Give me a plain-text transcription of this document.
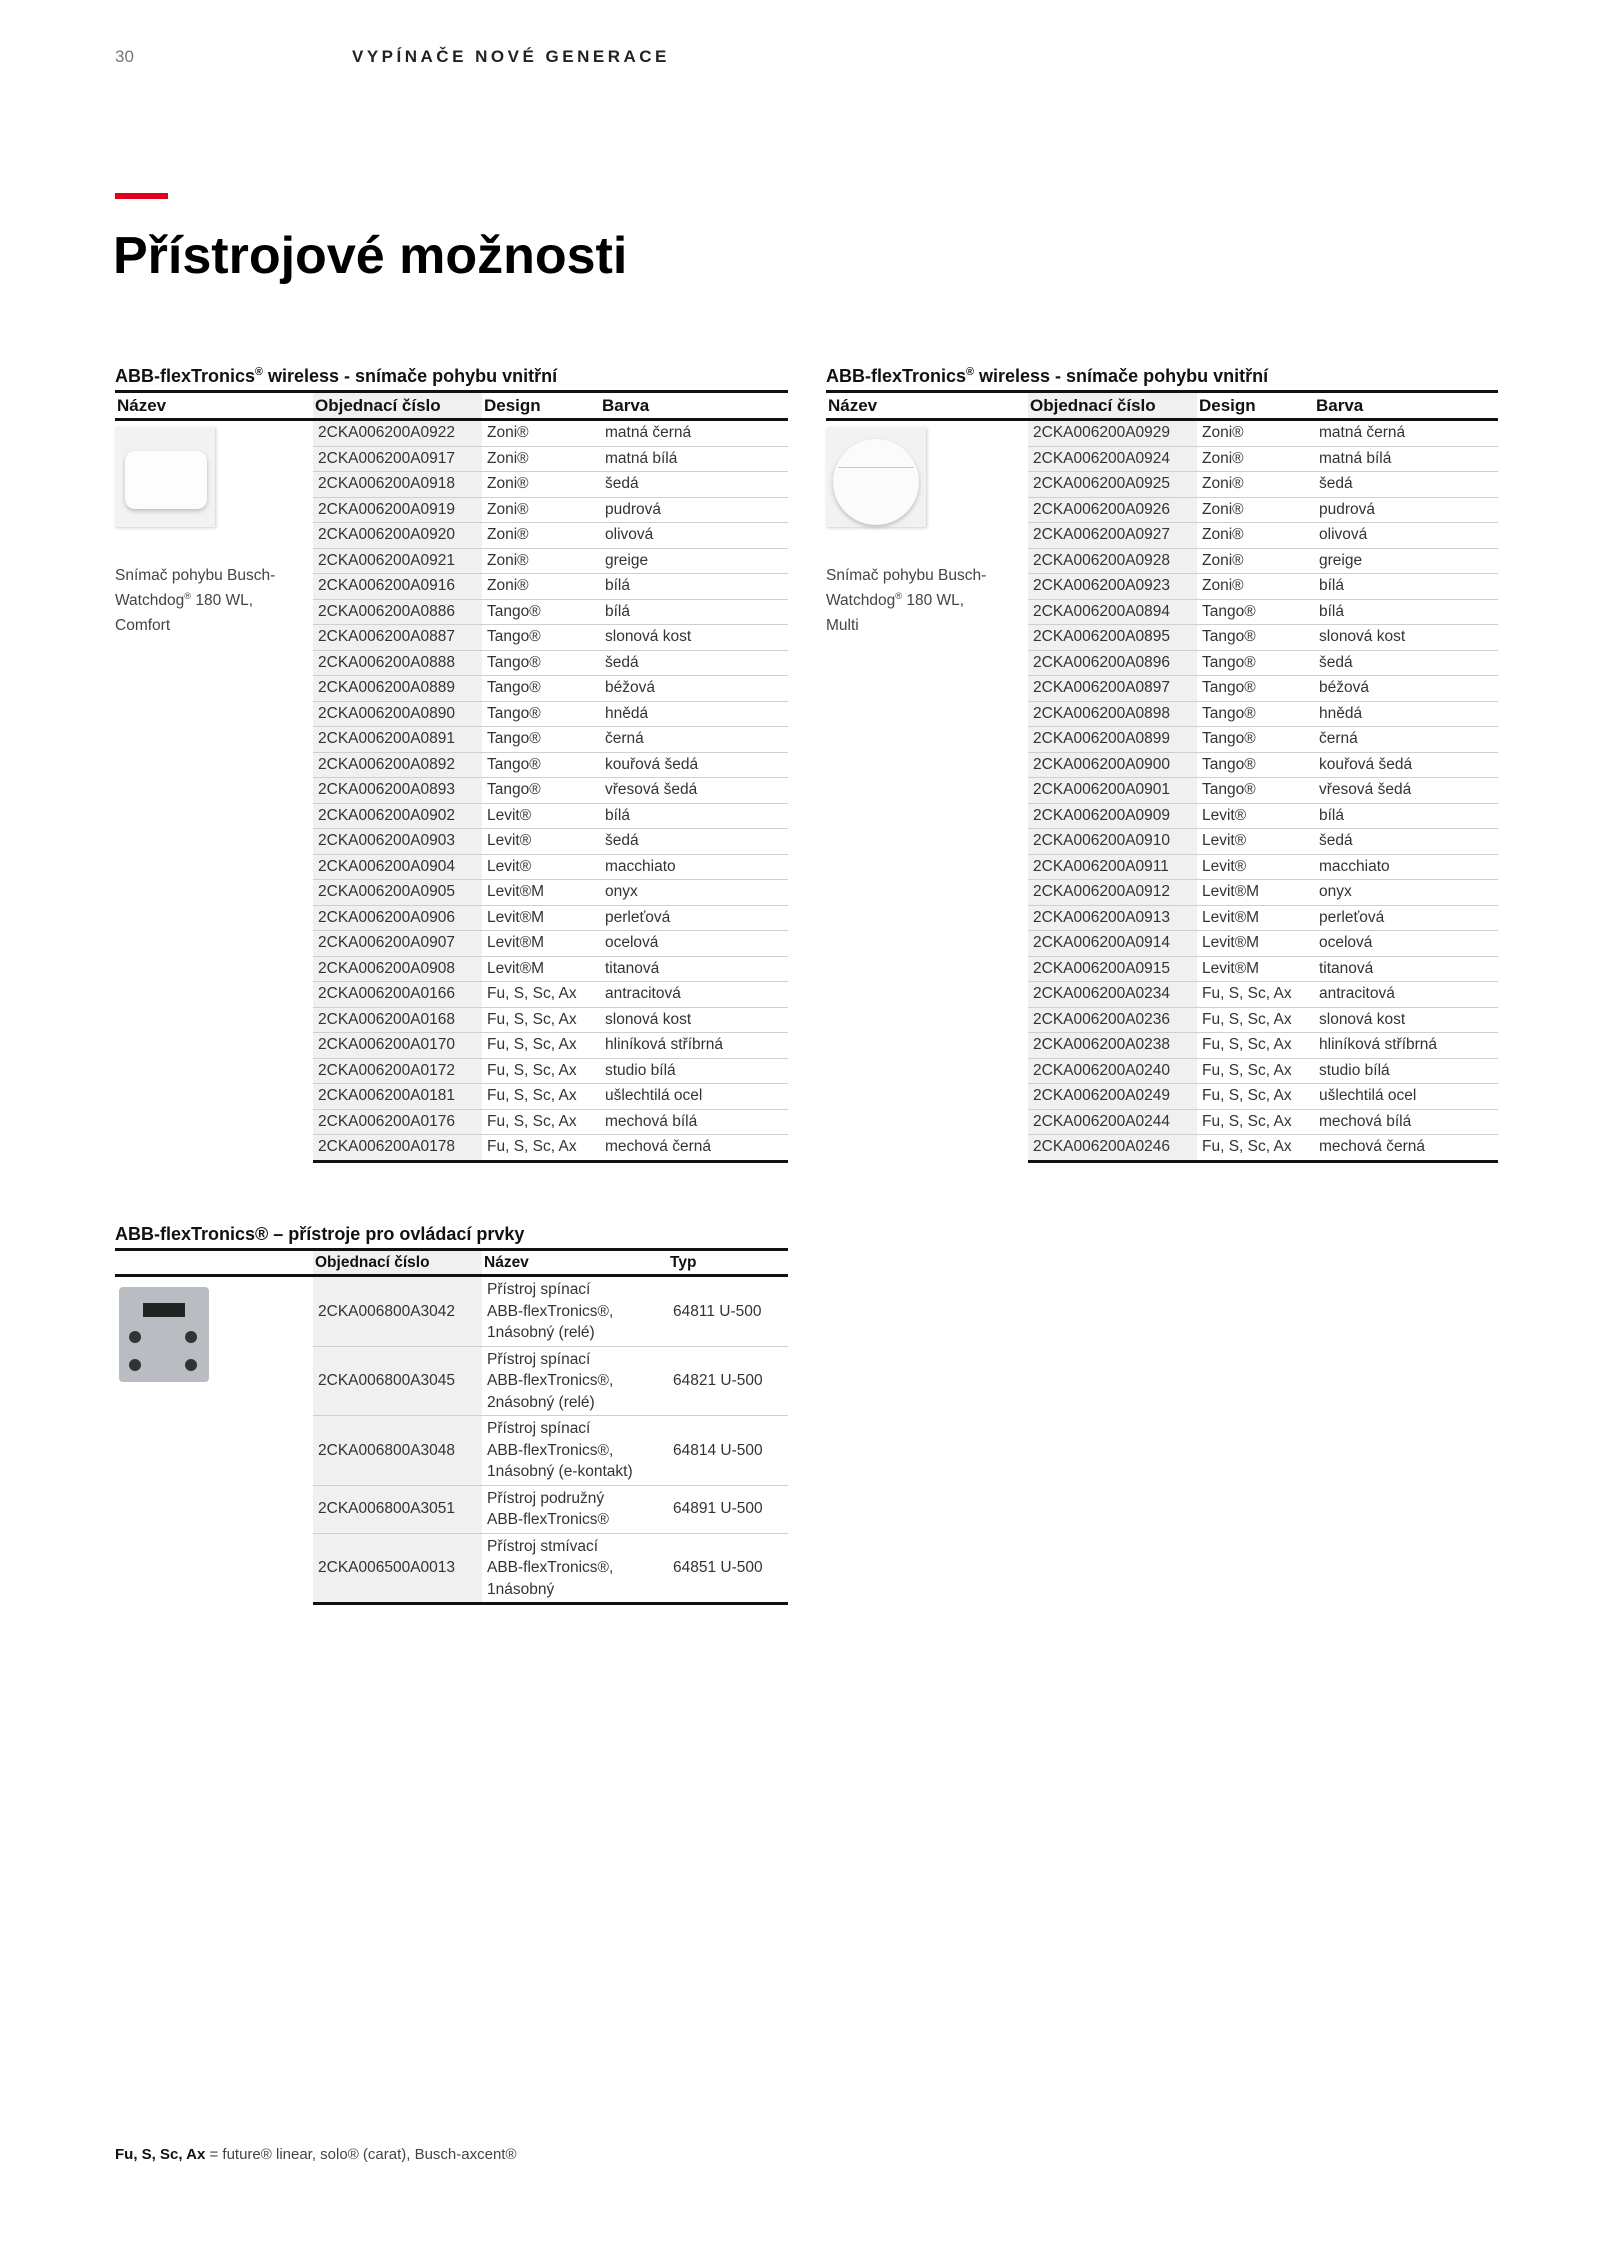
30	VYPÍNAČE NOVÉ GENERACE
Přístrojové možnosti
ABB-flexTronics® wireless - snímače pohybu vnitřní
Název	Objednací číslo	Design	Barva

Snímač pohybu Busch-
Watchdog® 180 WL,
Comfort	2CKA006200A0922	Zoni®	matná černá
	2CKA006200A0917	Zoni®	matná bílá
	2CKA006200A0918	Zoni®	šedá
	2CKA006200A0919	Zoni®	pudrová
	2CKA006200A0920	Zoni®	olivová
	2CKA006200A0921	Zoni®	greige
	2CKA006200A0916	Zoni®	bílá
	2CKA006200A0886	Tango®	bílá
	2CKA006200A0887	Tango®	slonová kost
	2CKA006200A0888	Tango®	šedá
	2CKA006200A0889	Tango®	béžová
	2CKA006200A0890	Tango®	hnědá
	2CKA006200A0891	Tango®	černá
	2CKA006200A0892	Tango®	kouřová šedá
	2CKA006200A0893	Tango®	vřesová šedá
	2CKA006200A0902	Levit®	bílá
	2CKA006200A0903	Levit®	šedá
	2CKA006200A0904	Levit®	macchiato
	2CKA006200A0905	Levit®M	onyx
	2CKA006200A0906	Levit®M	perleťová
	2CKA006200A0907	Levit®M	ocelová
	2CKA006200A0908	Levit®M	titanová
	2CKA006200A0166	Fu, S, Sc, Ax	antracitová
	2CKA006200A0168	Fu, S, Sc, Ax	slonová kost
	2CKA006200A0170	Fu, S, Sc, Ax	hliníková stříbrná
	2CKA006200A0172	Fu, S, Sc, Ax	studio bílá
	2CKA006200A0181	Fu, S, Sc, Ax	ušlechtilá ocel
	2CKA006200A0176	Fu, S, Sc, Ax	mechová bílá
	2CKA006200A0178	Fu, S, Sc, Ax	mechová černá
ABB-flexTronics® wireless - snímače pohybu vnitřní
Název	Objednací číslo	Design	Barva

Snímač pohybu Busch-
Watchdog® 180 WL,
Multi	2CKA006200A0929	Zoni®	matná černá
	2CKA006200A0924	Zoni®	matná bílá
	2CKA006200A0925	Zoni®	šedá
	2CKA006200A0926	Zoni®	pudrová
	2CKA006200A0927	Zoni®	olivová
	2CKA006200A0928	Zoni®	greige
	2CKA006200A0923	Zoni®	bílá
	2CKA006200A0894	Tango®	bílá
	2CKA006200A0895	Tango®	slonová kost
	2CKA006200A0896	Tango®	šedá
	2CKA006200A0897	Tango®	béžová
	2CKA006200A0898	Tango®	hnědá
	2CKA006200A0899	Tango®	černá
	2CKA006200A0900	Tango®	kouřová šedá
	2CKA006200A0901	Tango®	vřesová šedá
	2CKA006200A0909	Levit®	bílá
	2CKA006200A0910	Levit®	šedá
	2CKA006200A0911	Levit®	macchiato
	2CKA006200A0912	Levit®M	onyx
	2CKA006200A0913	Levit®M	perleťová
	2CKA006200A0914	Levit®M	ocelová
	2CKA006200A0915	Levit®M	titanová
	2CKA006200A0234	Fu, S, Sc, Ax	antracitová
	2CKA006200A0236	Fu, S, Sc, Ax	slonová kost
	2CKA006200A0238	Fu, S, Sc, Ax	hliníková stříbrná
	2CKA006200A0240	Fu, S, Sc, Ax	studio bílá
	2CKA006200A0249	Fu, S, Sc, Ax	ušlechtilá ocel
	2CKA006200A0244	Fu, S, Sc, Ax	mechová bílá
	2CKA006200A0246	Fu, S, Sc, Ax	mechová černá
ABB-flexTronics® – přístroje pro ovládací prvky
	Objednací číslo	Název	Typ

	2CKA006800A3042	Přístroj spínací
ABB-flexTronics®,
1násobný (relé)	64811 U-500
	2CKA006800A3045	Přístroj spínací
ABB-flexTronics®,
2násobný (relé)	64821 U-500
	2CKA006800A3048	Přístroj spínací
ABB-flexTronics®,
1násobný (e-kontakt)	64814 U-500
	2CKA006800A3051	Přístroj podružný
ABB-flexTronics®	64891 U-500
	2CKA006500A0013	Přístroj stmívací
ABB-flexTronics®,
1násobný	64851 U-500
Fu, S, Sc, Ax = future® linear, solo® (carat), Busch-axcent®
